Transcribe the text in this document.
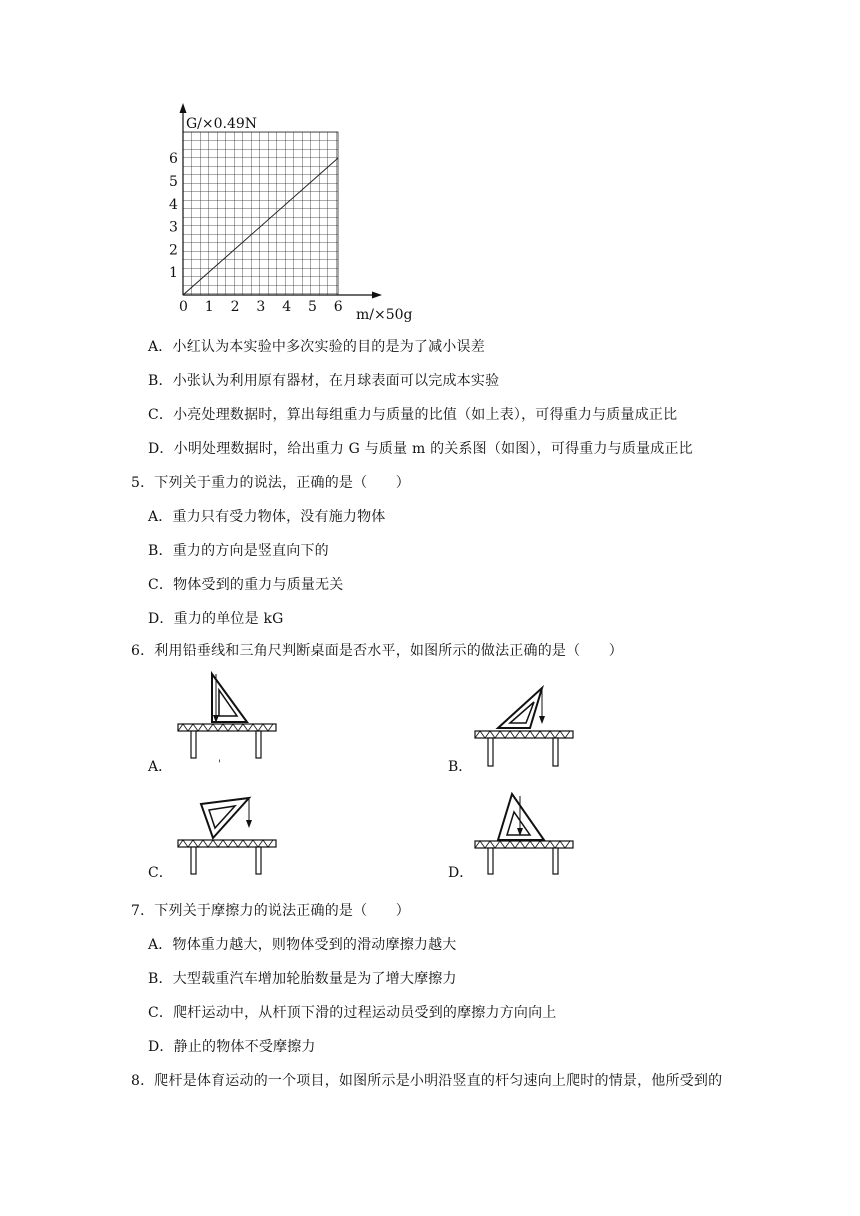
G/×0.49N
0 1 2 3 4 5 6
1
2
3
4
5
6
m/×50g
A．小红认为本实验中多次实验的目的是为了减小误差
B．小张认为利用原有器材，在月球表面可以完成本实验
C．小亮处理数据时，算出每组重力与质量的比值（如上表），可得重力与质量成正比
D．小明处理数据时，给出重力 G 与质量 m 的关系图（如图），可得重力与质量成正比
5．下列关于重力的说法，正确的是（　　）
A．重力只有受力物体，没有施力物体
B．重力的方向是竖直向下的
C．物体受到的重力与质量无关
D．重力的单位是 kG
6．利用铅垂线和三角尺判断桌面是否水平，如图所示的做法正确的是（　　）
A．	'	B．
C．	D．
7．下列关于摩擦力的说法正确的是（　　）
A．物体重力越大，则物体受到的滑动摩擦力越大
B．大型载重汽车增加轮胎数量是为了增大摩擦力
C．爬杆运动中，从杆顶下滑的过程运动员受到的摩擦力方向向上
D．静止的物体不受摩擦力
8．爬杆是体育运动的一个项目，如图所示是小明沿竖直的杆匀速向上爬时的情景，他所受到的
